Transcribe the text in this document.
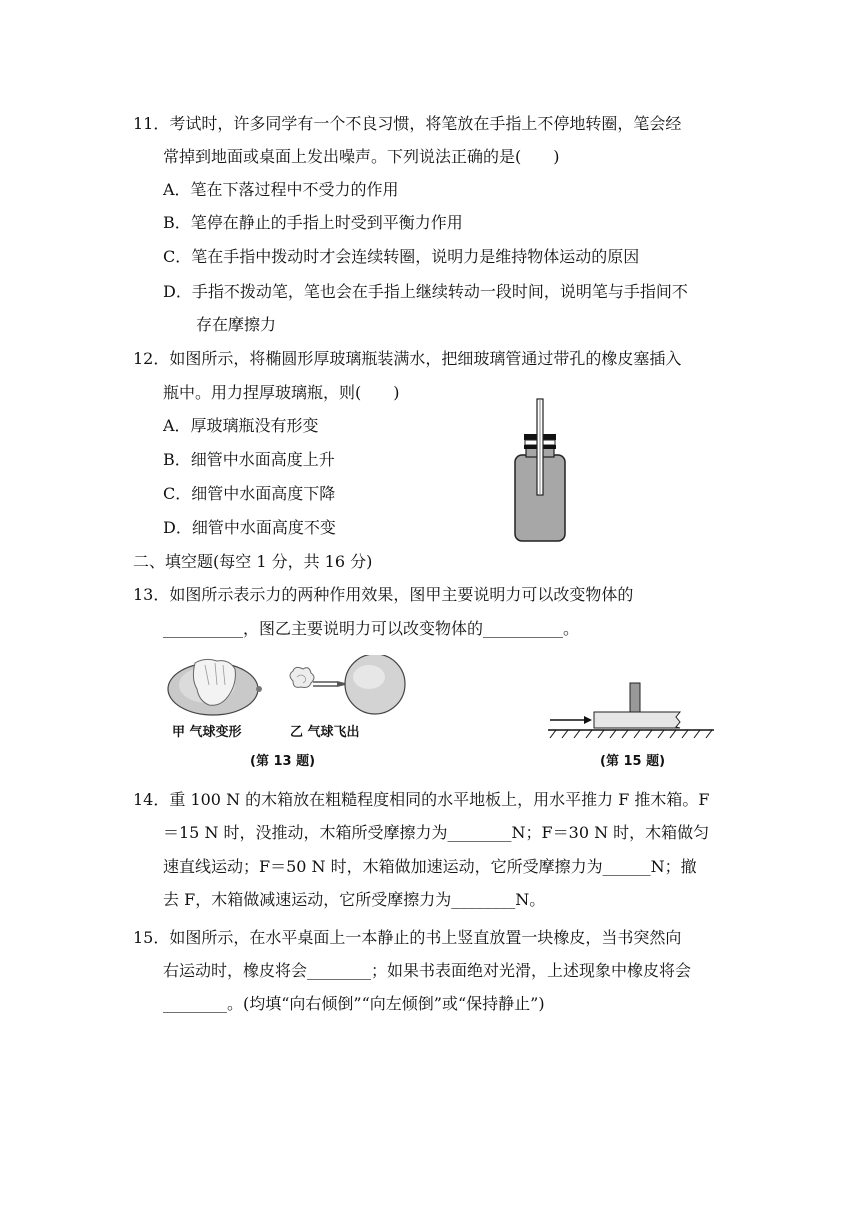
11．考试时，许多同学有一个不良习惯，将笔放在手指上不停地转圈，笔会经
常掉到地面或桌面上发出噪声。下列说法正确的是(　　)
A．笔在下落过程中不受力的作用
B．笔停在静止的手指上时受到平衡力作用
C．笔在手指中拨动时才会连续转圈，说明力是维持物体运动的原因
D．手指不拨动笔，笔也会在手指上继续转动一段时间，说明笔与手指间不
存在摩擦力
12．如图所示，将椭圆形厚玻璃瓶装满水，把细玻璃管通过带孔的橡皮塞插入
瓶中。用力捏厚玻璃瓶，则(　　)
A．厚玻璃瓶没有形变
B．细管中水面高度上升
C．细管中水面高度下降
D．细管中水面高度不变
二、填空题(每空 1 分，共 16 分)
13．如图所示表示力的两种作用效果，图甲主要说明力可以改变物体的
__________，图乙主要说明力可以改变物体的__________。
甲 气球变形	乙 气球飞出
(第 13 题)	(第 15 题)
14．重 100 N 的木箱放在粗糙程度相同的水平地板上，用水平推力 F 推木箱。F
＝15 N 时，没推动，木箱所受摩擦力为________N；F＝30 N 时，木箱做匀
速直线运动；F＝50 N 时，木箱做加速运动，它所受摩擦力为______N；撤
去 F，木箱做减速运动，它所受摩擦力为________N。
15．如图所示，在水平桌面上一本静止的书上竖直放置一块橡皮，当书突然向
右运动时，橡皮将会________；如果书表面绝对光滑，上述现象中橡皮将会
________。(均填“向右倾倒”“向左倾倒”或“保持静止”)
